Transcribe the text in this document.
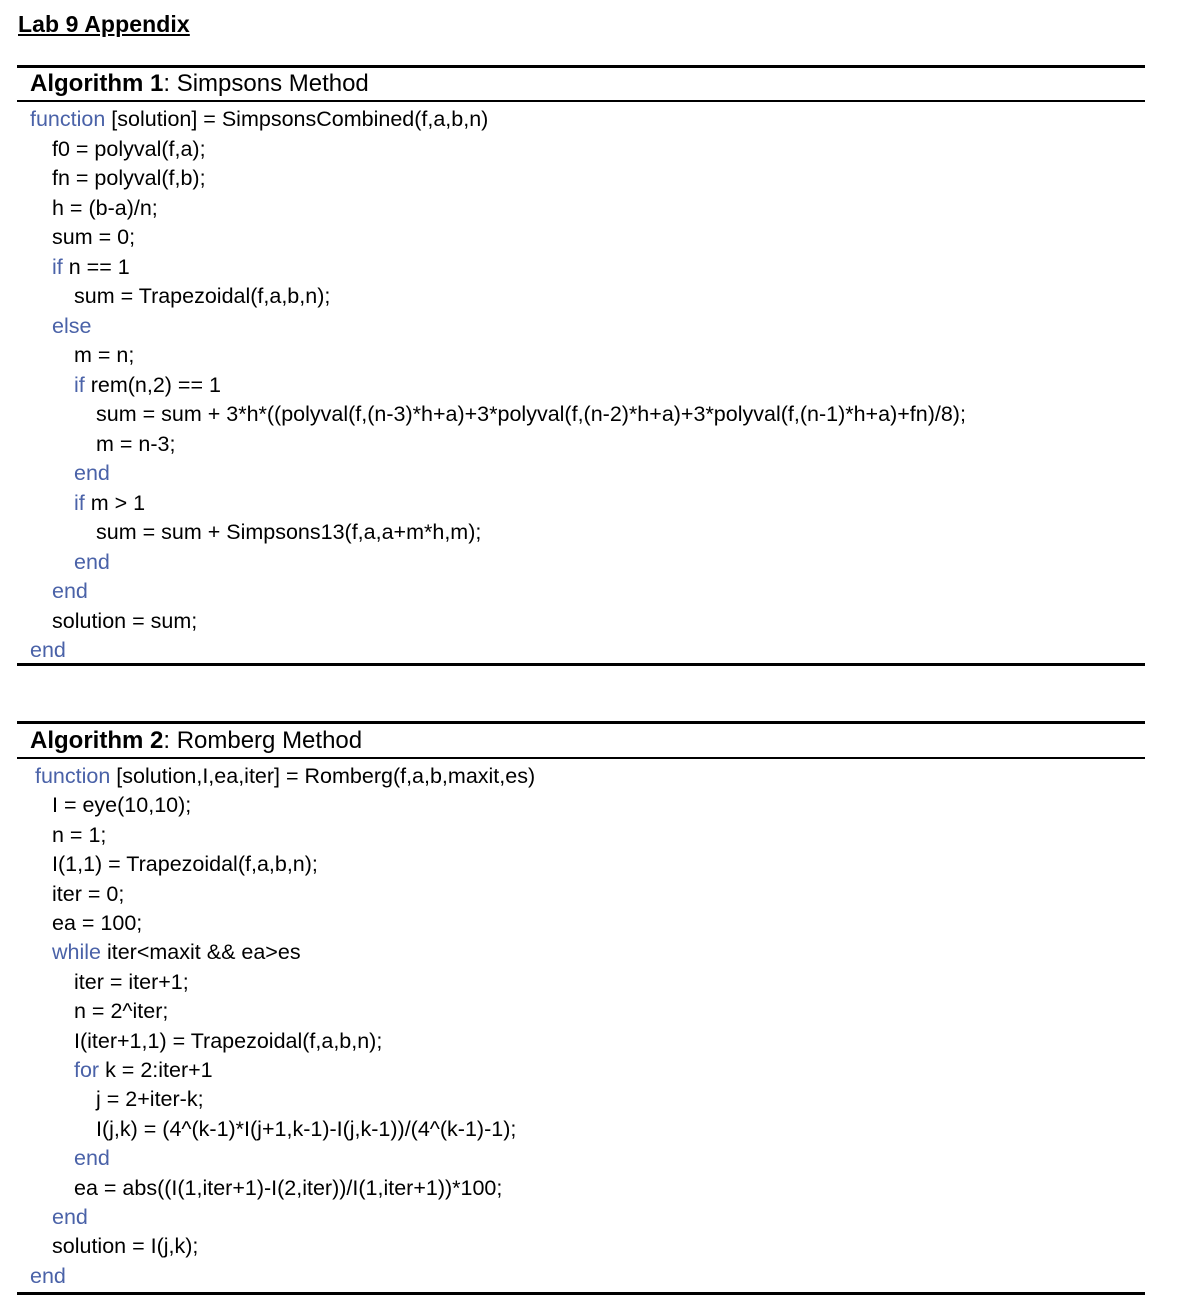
Lab 9 Appendix
Algorithm 1: Simpsons Method
function [solution] = SimpsonsCombined(f,a,b,n)
f0 = polyval(f,a);
fn = polyval(f,b);
h = (b-a)/n;
sum = 0;
if n == 1
sum = Trapezoidal(f,a,b,n);
else
m = n;
if rem(n,2) == 1
sum = sum + 3*h*((polyval(f,(n-3)*h+a)+3*polyval(f,(n-2)*h+a)+3*polyval(f,(n-1)*h+a)+fn)/8);
m = n-3;
end
if m > 1
sum = sum + Simpsons13(f,a,a+m*h,m);
end
end
solution = sum;
end
Algorithm 2: Romberg Method
function [solution,I,ea,iter] = Romberg(f,a,b,maxit,es)
I = eye(10,10);
n = 1;
I(1,1) = Trapezoidal(f,a,b,n);
iter = 0;
ea = 100;
while iter<maxit && ea>es
iter = iter+1;
n = 2^iter;
I(iter+1,1) = Trapezoidal(f,a,b,n);
for k = 2:iter+1
j = 2+iter-k;
I(j,k) = (4^(k-1)*I(j+1,k-1)-I(j,k-1))/(4^(k-1)-1);
end
ea = abs((I(1,iter+1)-I(2,iter))/I(1,iter+1))*100;
end
solution = I(j,k);
end
